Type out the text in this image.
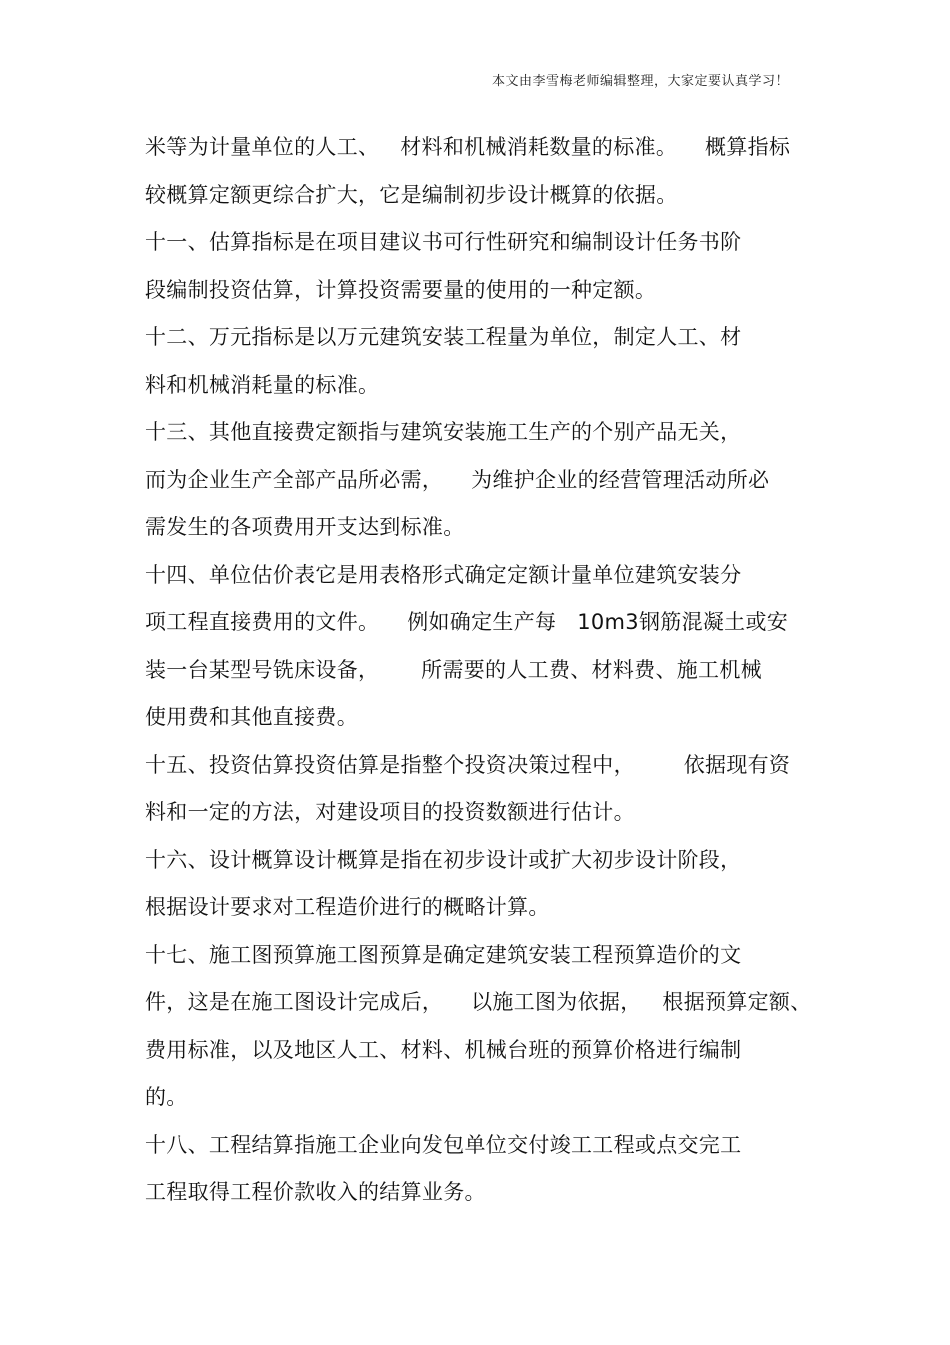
本文由李雪梅老师编辑整理，大家定要认真学习！
米等为计量单位的人工、   材料和机械消耗数量的标准。    概算指标
较概算定额更综合扩大，它是编制初步设计概算的依据。
十一、估算指标是在项目建议书可行性研究和编制设计任务书阶
段编制投资估算，计算投资需要量的使用的一种定额。
十二、万元指标是以万元建筑安装工程量为单位，制定人工、材
料和机械消耗量的标准。
十三、其他直接费定额指与建筑安装施工生产的个别产品无关，
而为企业生产全部产品所必需，    为维护企业的经营管理活动所必
需发生的各项费用开支达到标准。
十四、单位估价表它是用表格形式确定定额计量单位建筑安装分
项工程直接费用的文件。    例如确定生产每   10m3钢筋混凝土或安
装一台某型号铣床设备，      所需要的人工费、材料费、施工机械
使用费和其他直接费。
十五、投资估算投资估算是指整个投资决策过程中，       依据现有资
料和一定的方法，对建设项目的投资数额进行估计。
十六、设计概算设计概算是指在初步设计或扩大初步设计阶段，
根据设计要求对工程造价进行的概略计算。
十七、施工图预算施工图预算是确定建筑安装工程预算造价的文
件，这是在施工图设计完成后，    以施工图为依据，   根据预算定额、
费用标准，以及地区人工、材料、机械台班的预算价格进行编制
的。
十八、工程结算指施工企业向发包单位交付竣工工程或点交完工
工程取得工程价款收入的结算业务。
